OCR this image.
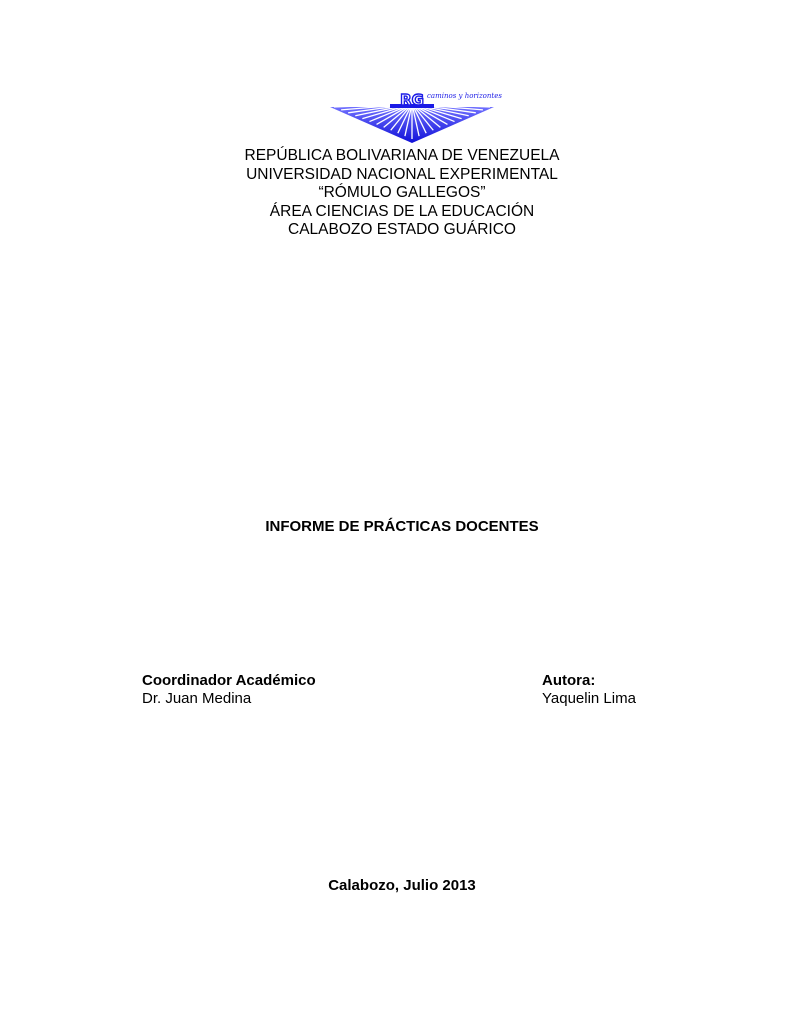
RG caminos y horizontes
REPÚBLICA BOLIVARIANA DE VENEZUELA
UNIVERSIDAD NACIONAL EXPERIMENTAL
“RÓMULO GALLEGOS”
ÁREA CIENCIAS DE LA EDUCACIÓN
CALABOZO ESTADO GUÁRICO
INFORME DE PRÁCTICAS DOCENTES
Coordinador Académico
Dr. Juan Medina
Autora:
Yaquelin Lima
Calabozo, Julio 2013
